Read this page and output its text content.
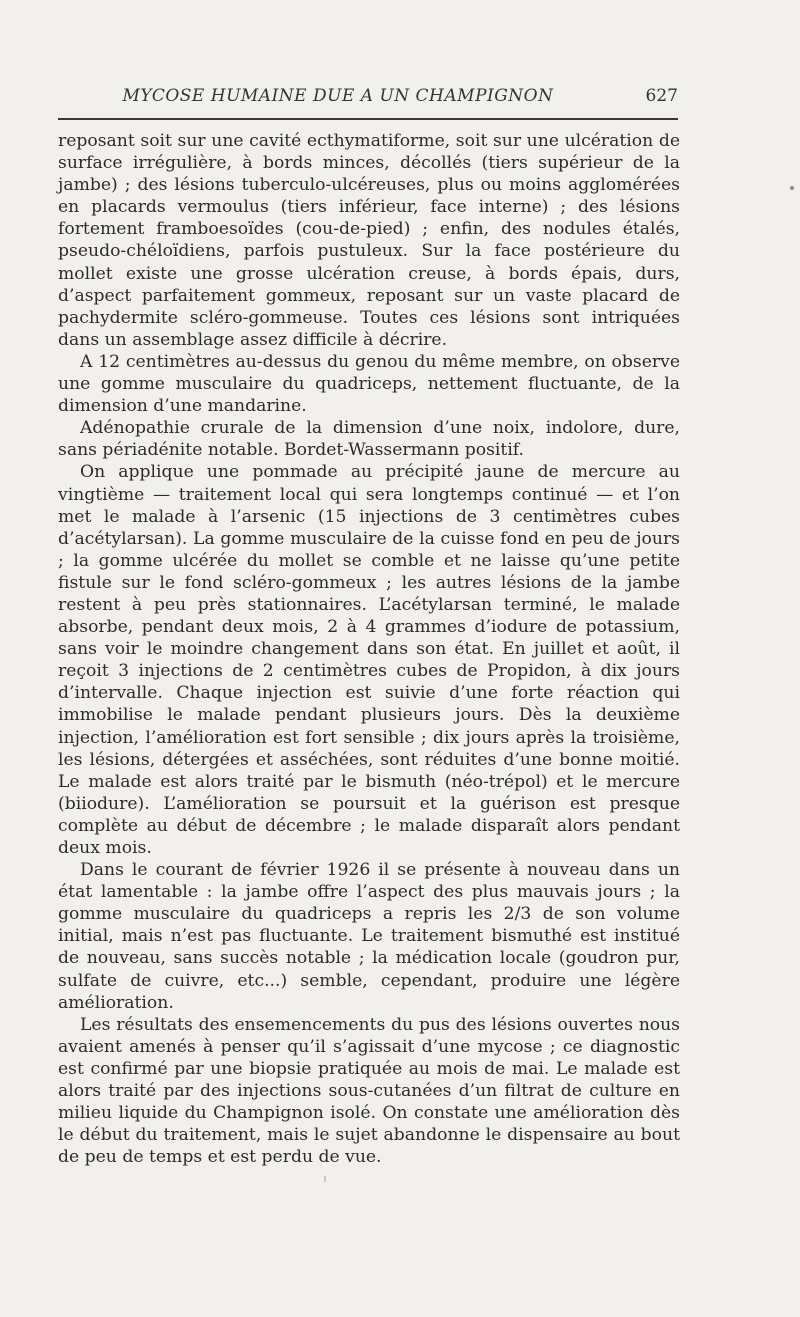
MYCOSE HUMAINE DUE A UN CHAMPIGNON	627

reposant soit sur une cavité ecthymatiforme, soit sur une ulcération de surface irrégulière, à bords minces, décollés (tiers supérieur de la jambe) ; des lésions tuberculo-ulcéreuses, plus ou moins agglomérées en placards vermoulus (tiers inférieur, face interne) ; des lésions fortement framboesoïdes (cou-de-pied) ; enfin, des nodules étalés, pseudo-chéloïdiens, parfois pustuleux. Sur la face postérieure du mollet existe une grosse ulcération creuse, à bords épais, durs, d’aspect parfaitement gommeux, reposant sur un vaste placard de pachydermite scléro-gommeuse. Toutes ces lésions sont intriquées dans un assemblage assez difficile à décrire.

A 12 centimètres au-dessus du genou du même membre, on observe une gomme musculaire du quadriceps, nettement fluctuante, de la dimension d’une mandarine.

Adénopathie crurale de la dimension d’une noix, indolore, dure, sans périadénite notable. Bordet-Wassermann positif.

On applique une pommade au précipité jaune de mercure au vingtième — traitement local qui sera longtemps continué — et l’on met le malade à l’arsenic (15 injections de 3 centimètres cubes d’acétylarsan). La gomme musculaire de la cuisse fond en peu de jours ; la gomme ulcérée du mollet se comble et ne laisse qu’une petite fistule sur le fond scléro-gommeux ; les autres lésions de la jambe restent à peu près stationnaires. L’acétylarsan terminé, le malade absorbe, pendant deux mois, 2 à 4 grammes d’iodure de potassium, sans voir le moindre changement dans son état. En juillet et août, il reçoit 3 injections de 2 centimètres cubes de Propidon, à dix jours d’intervalle. Chaque injection est suivie d’une forte réaction qui immobilise le malade pendant plusieurs jours. Dès la deuxième injection, l’amélioration est fort sensible ; dix jours après la troisième, les lésions, détergées et asséchées, sont réduites d’une bonne moitié. Le malade est alors traité par le bismuth (néo-trépol) et le mercure (biiodure). L’amélioration se poursuit et la guérison est presque complète au début de décembre ; le malade disparaît alors pendant deux mois.

Dans le courant de février 1926 il se présente à nouveau dans un état lamentable : la jambe offre l’aspect des plus mauvais jours ; la gomme musculaire du quadriceps a repris les 2/3 de son volume initial, mais n’est pas fluctuante. Le traitement bismuthé est institué de nouveau, sans succès notable ; la médication locale (goudron pur, sulfate de cuivre, etc...) semble, cependant, produire une légère amélioration.

Les résultats des ensemencements du pus des lésions ouvertes nous avaient amenés à penser qu’il s’agissait d’une mycose ; ce diagnostic est confirmé par une biopsie pratiquée au mois de mai. Le malade est alors traité par des injections sous-cutanées d’un filtrat de culture en milieu liquide du Champignon isolé. On constate une amélioration dès le début du traitement, mais le sujet abandonne le dispensaire au bout de peu de temps et est perdu de vue.
